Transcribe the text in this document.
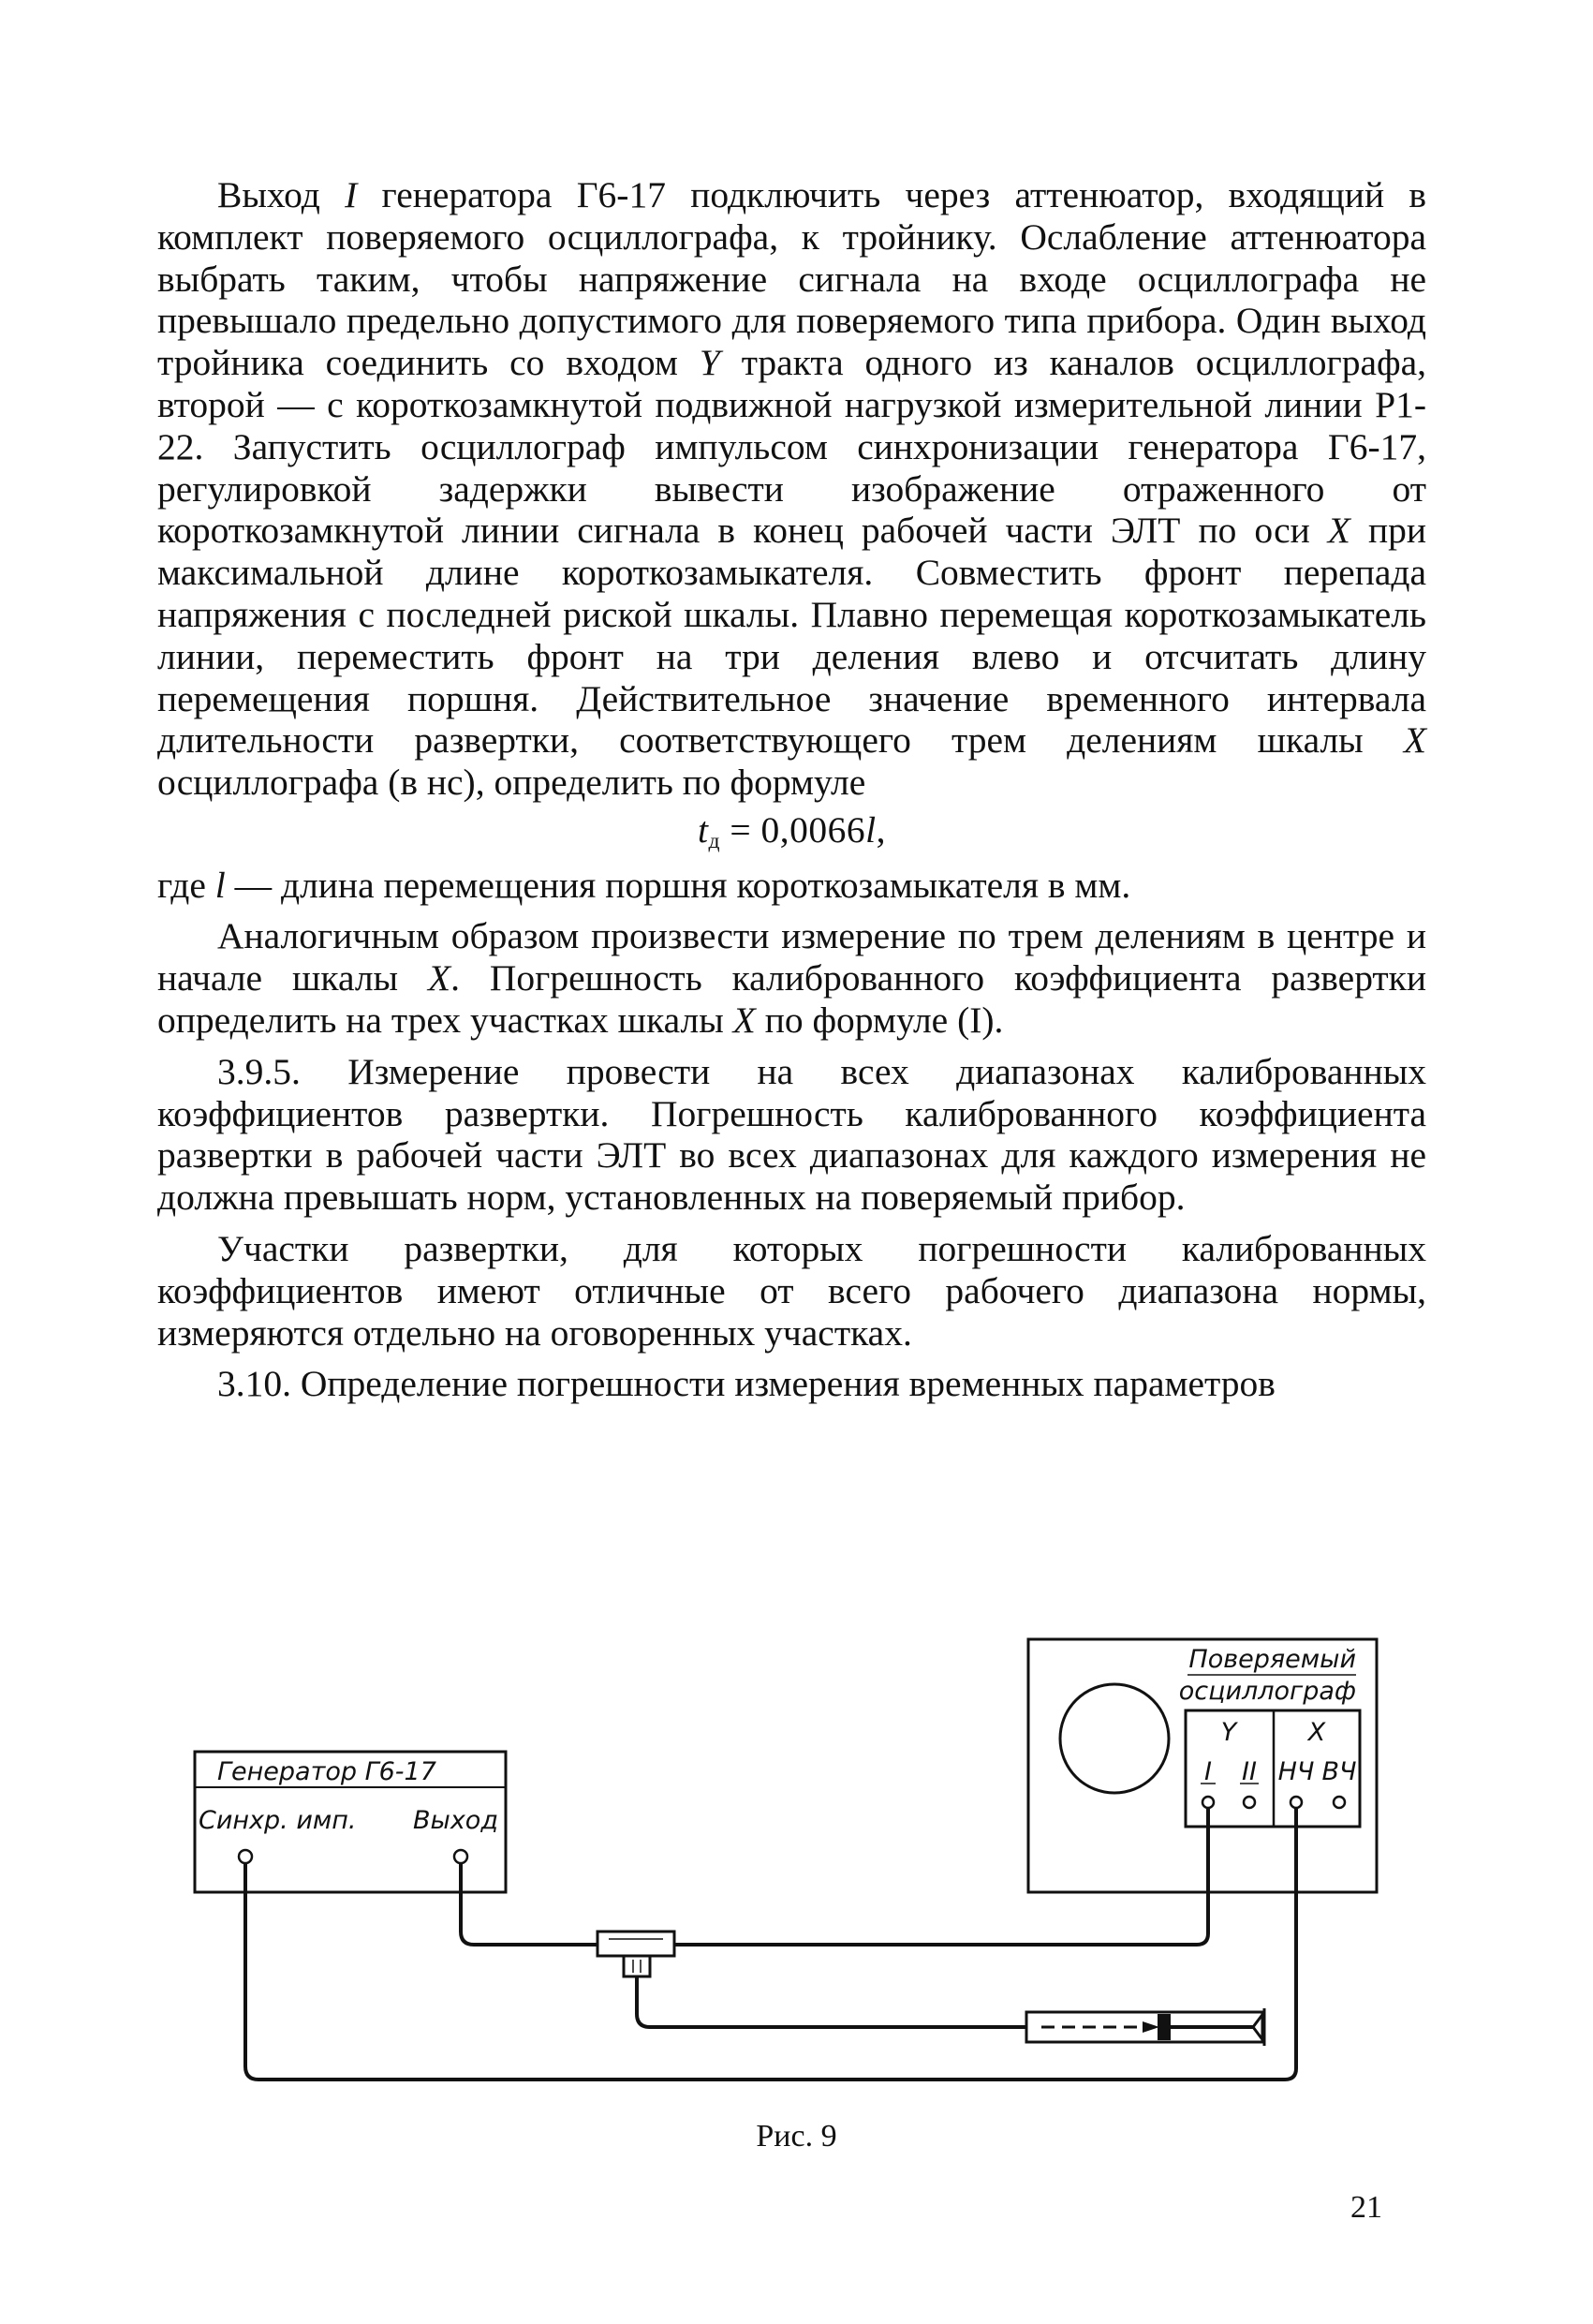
Выход I генератора Г6-17 подключить через аттенюатор, входящий в комплект поверяемого осциллографа, к тройнику. Ослабление аттенюатора выбрать таким, чтобы напряжение сигнала на входе осциллографа не превышало предельно допустимого для поверяемого типа прибора. Один выход тройника соединить со входом Y тракта одного из каналов осциллографа, второй — с короткозамкнутой подвижной нагрузкой измерительной линии Р1-22. Запустить осциллограф импульсом синхронизации генератора Г6-17, регулировкой задержки вывести изображение отраженного от короткозамкнутой линии сигнала в конец рабочей части ЭЛТ по оси X при максимальной длине короткозамыкателя. Совместить фронт перепада напряжения с последней риской шкалы. Плавно перемещая короткозамыкатель линии, переместить фронт на три деления влево и отсчитать длину перемещения поршня. Действительное значение временного интервала длительности развертки, соответствующего трем делениям шкалы X осциллографа (в нс), определить по формуле

$t_д = 0,0066l$,

где l — длина перемещения поршня короткозамыкателя в мм.

Аналогичным образом произвести измерение по трем делениям в центре и начале шкалы X. Погрешность калиброванного коэффициента развертки определить на трех участках шкалы X по формуле (I).

3.9.5. Измерение провести на всех диапазонах калиброванных коэффициентов развертки. Погрешность калиброванного коэффициента развертки в рабочей части ЭЛТ во всех диапазонах для каждого измерения не должна превышать норм, установленных на поверяемый прибор.

Участки развертки, для которых погрешности калиброванных коэффициентов имеют отличные от всего рабочего диапазона нормы, измеряются отдельно на оговоренных участках.

3.10. Определение погрешности измерения временных параметров

Генератор Г6-17
Синхр. имп. Выход
Поверяемый
осциллограф
Y	X
I II НЧ ВЧ
Рис. 9
21
